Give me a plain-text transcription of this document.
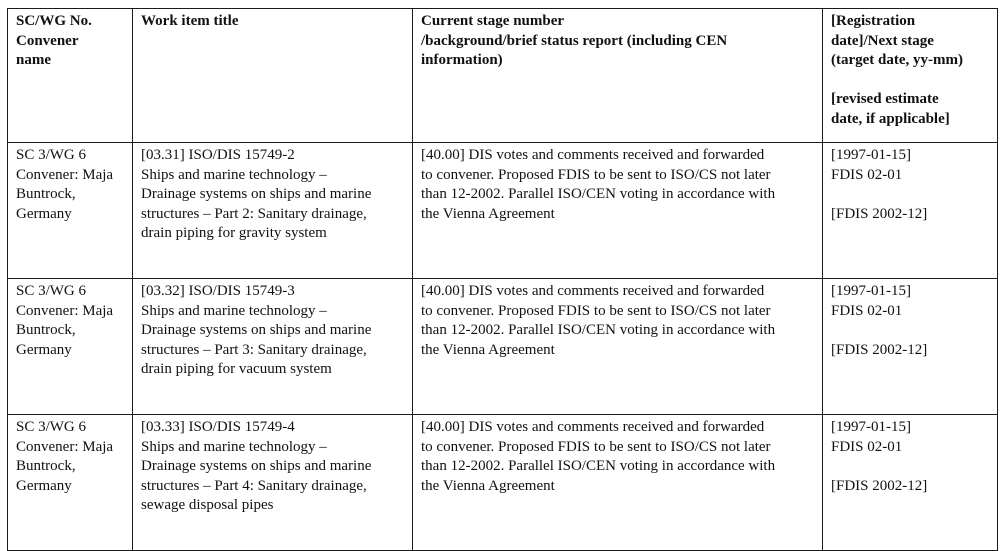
SC/WG No.
Convener
name	Work item title	Current stage number
/background/brief status report (including CEN
information)	[Registration
date]/Next stage
(target date, yy-mm)
[revised estimate
date, if applicable]

SC 3/WG 6
Convener: Maja
Buntrock,
Germany	[03.31] ISO/DIS 15749-2
Ships and marine technology –
Drainage systems on ships and marine
structures – Part 2: Sanitary drainage,
drain piping for gravity system	[40.00] DIS votes and comments received and forwarded
to convener. Proposed FDIS to be sent to ISO/CS not later
than 12-2002. Parallel ISO/CEN voting in accordance with
the Vienna Agreement	[1997-01-15]
FDIS 02-01
[FDIS 2002-12]

SC 3/WG 6
Convener: Maja
Buntrock,
Germany	[03.32] ISO/DIS 15749-3
Ships and marine technology –
Drainage systems on ships and marine
structures – Part 3: Sanitary drainage,
drain piping for vacuum system	[40.00] DIS votes and comments received and forwarded
to convener. Proposed FDIS to be sent to ISO/CS not later
than 12-2002. Parallel ISO/CEN voting in accordance with
the Vienna Agreement	[1997-01-15]
FDIS 02-01
[FDIS 2002-12]

SC 3/WG 6
Convener: Maja
Buntrock,
Germany	[03.33] ISO/DIS 15749-4
Ships and marine technology –
Drainage systems on ships and marine
structures – Part 4: Sanitary drainage,
sewage disposal pipes	[40.00] DIS votes and comments received and forwarded
to convener. Proposed FDIS to be sent to ISO/CS not later
than 12-2002. Parallel ISO/CEN voting in accordance with
the Vienna Agreement	[1997-01-15]
FDIS 02-01
[FDIS 2002-12]
